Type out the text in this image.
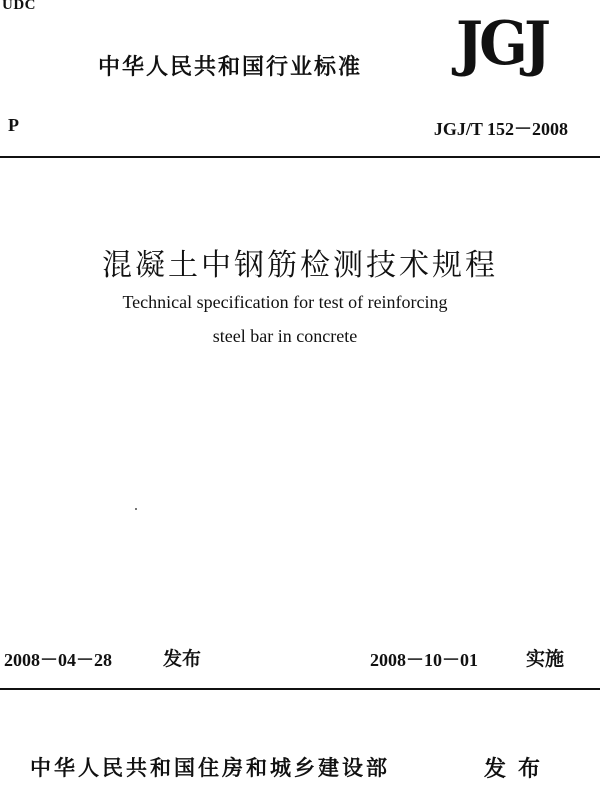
UDC
中华人民共和国行业标准 JGJ
P	JGJ/T 152－2008
混凝土中钢筋检测技术规程
Technical specification for test of reinforcing
steel bar in concrete
2008－04－28	发布	2008－10－01	实施
中华人民共和国住房和城乡建设部	发布
